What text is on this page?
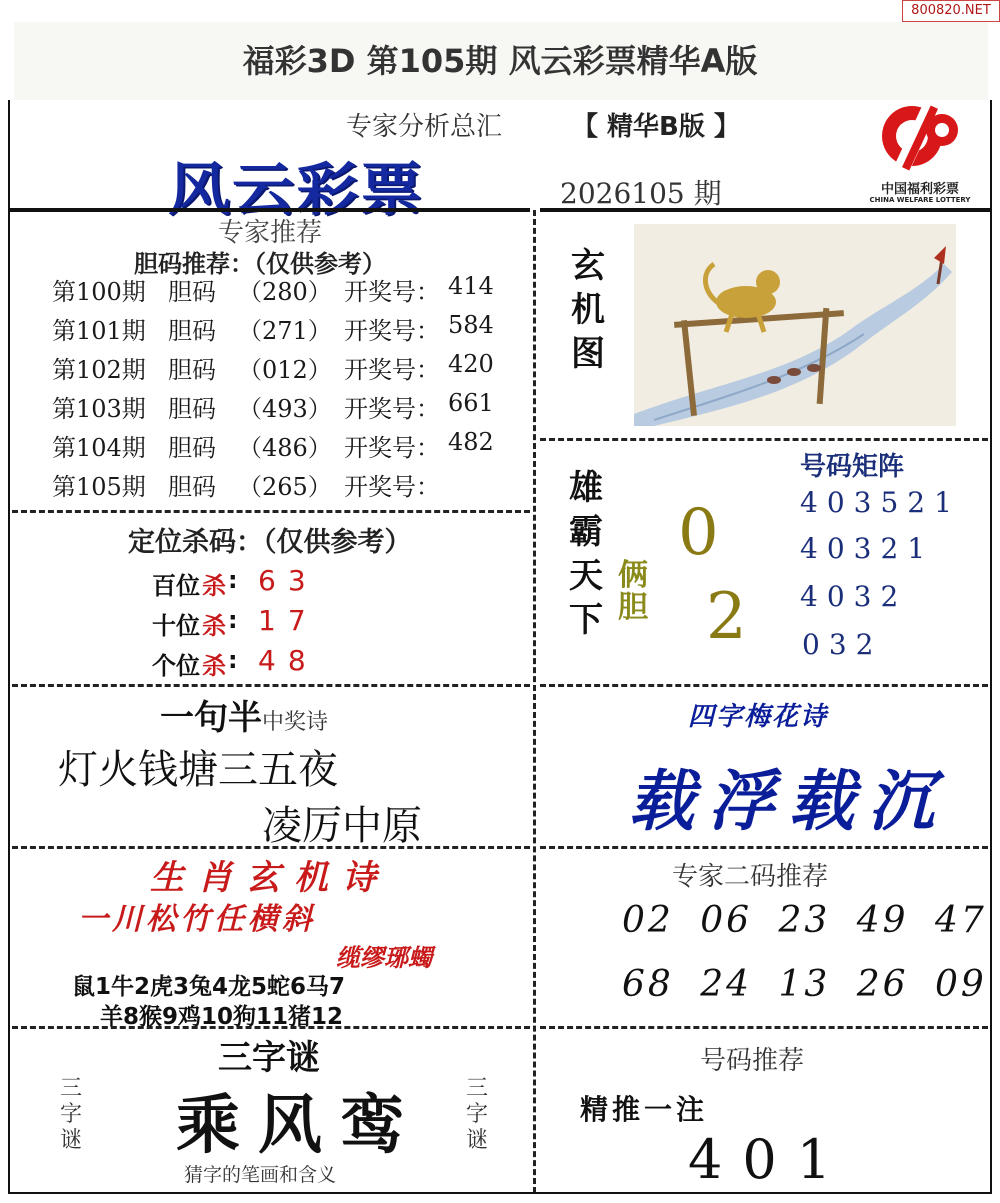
800820.NET
福彩3D 第105期 风云彩票精华A版
专家分析总汇	【 精华B版 】
风云彩票	2026105 期	中国福利彩票
CHINA WELFARE LOTTERY
专家推荐
胆码推荐：（仅供参考）
第100期 胆码 （280） 开奖号： 414
第101期 胆码 （271） 开奖号： 584
第102期 胆码 （012） 开奖号： 420
第103期 胆码 （493） 开奖号： 661
第104期 胆码 （486） 开奖号： 482
第105期 胆码 （265） 开奖号：
定位杀码：（仅供参考）
百位 杀 : 63
十位 杀 : 17
个位 杀 : 48
一句半中奖诗
灯火钱塘三五夜
凌厉中原
生肖玄机诗
一川松竹任横斜
缆缪琊蠋
鼠1牛2虎3兔4龙5蛇6马7
羊8猴9鸡10狗11猪12
三字谜
三
字
谜
三
字
谜
乘风鸾
猜字的笔画和含义
玄
机
图
雄
霸
天
下
俩
胆
0
2
号码矩阵
403521
40321
4032
032
四字梅花诗
载浮载沉
专家二码推荐
02 06 23 49 47
68 24 13 26 09
号码推荐
精推一注
401
